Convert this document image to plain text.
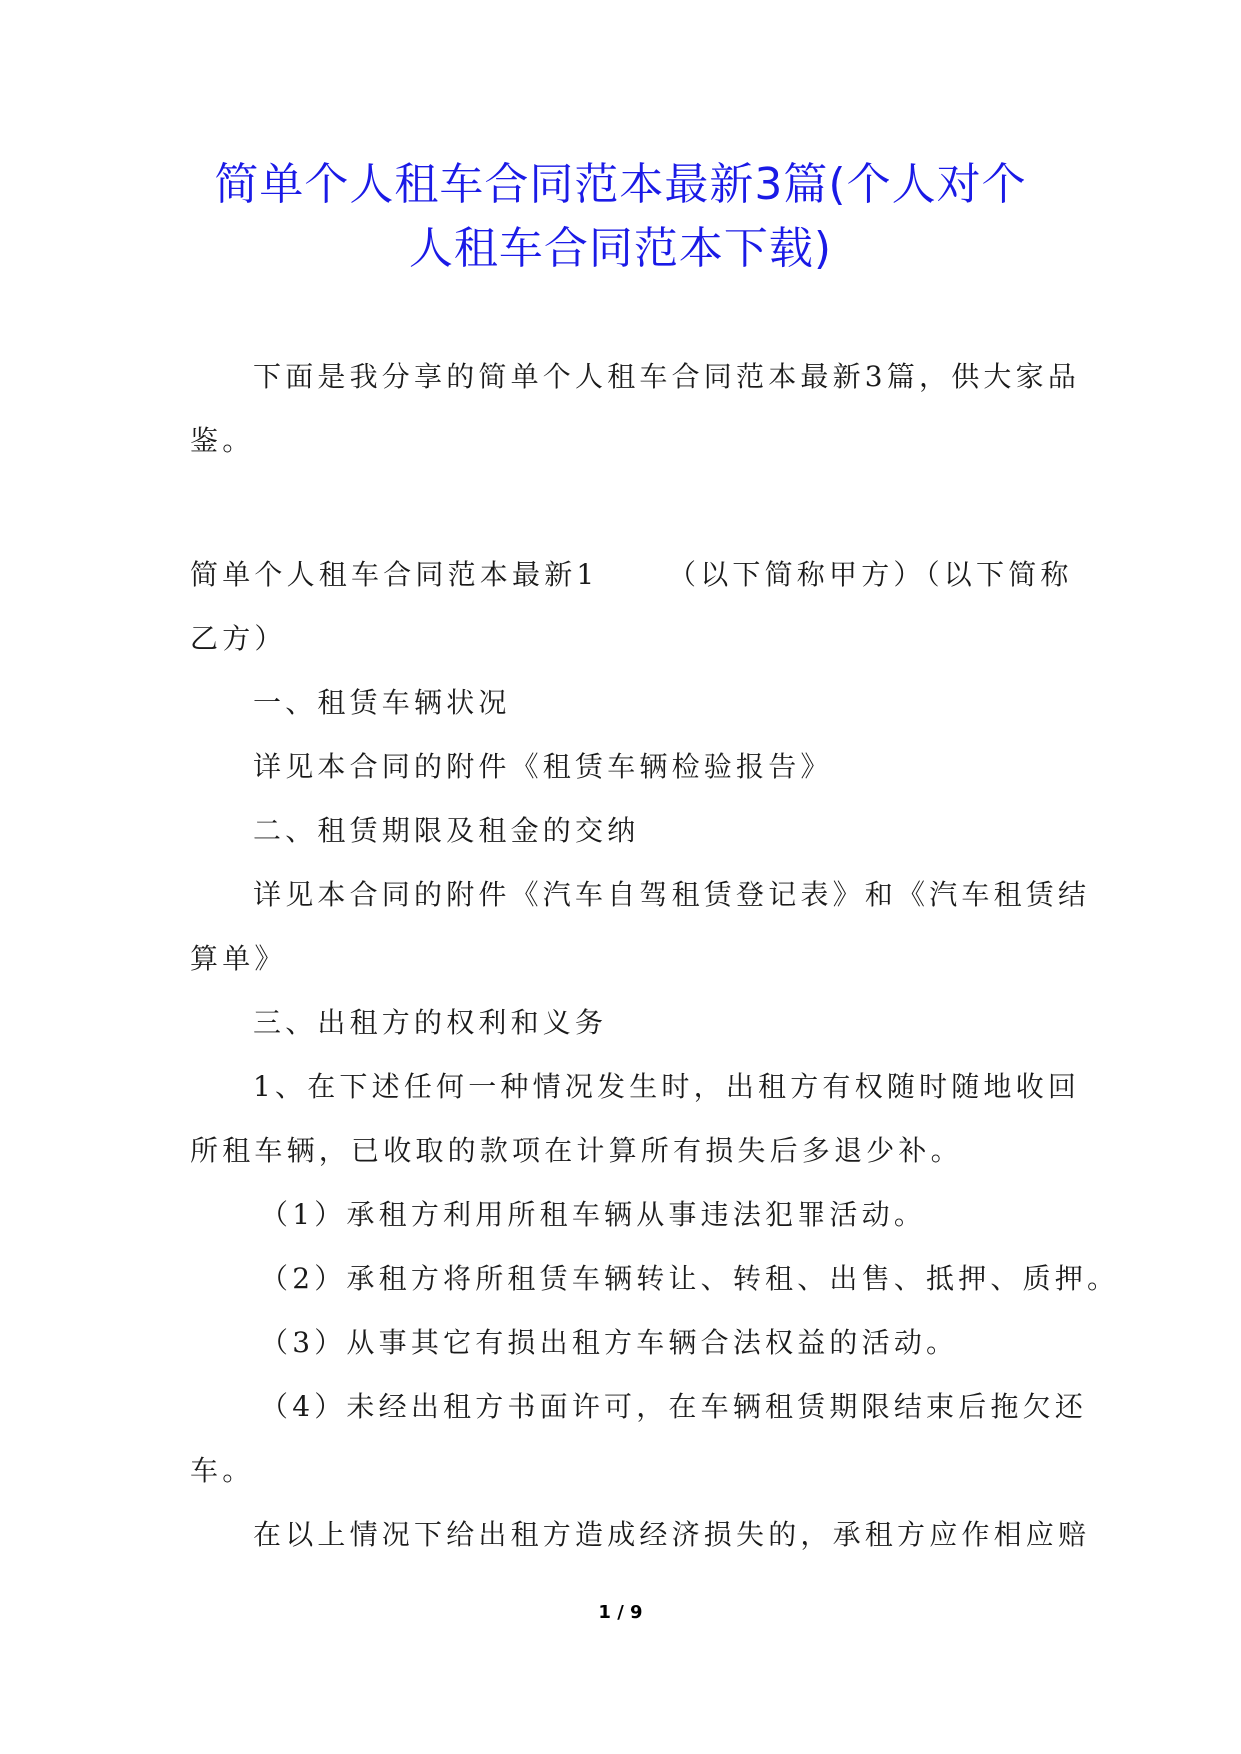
简单个人租车合同范本最新3篇(个人对个
人租车合同范本下载)
下面是我分享的简单个人租车合同范本最新3篇，供大家品
鉴。
简单个人租车合同范本最新1 （以下简称甲方）（以下简称
乙方）
一、租赁车辆状况
详见本合同的附件《租赁车辆检验报告》
二、租赁期限及租金的交纳
详见本合同的附件《汽车自驾租赁登记表》和《汽车租赁结
算单》
三、出租方的权利和义务
1、在下述任何一种情况发生时，出租方有权随时随地收回
所租车辆，已收取的款项在计算所有损失后多退少补。
（1）承租方利用所租车辆从事违法犯罪活动。
（2）承租方将所租赁车辆转让、转租、出售、抵押、质押。
（3）从事其它有损出租方车辆合法权益的活动。
（4）未经出租方书面许可，在车辆租赁期限结束后拖欠还
车。
在以上情况下给出租方造成经济损失的，承租方应作相应赔
1 / 9
